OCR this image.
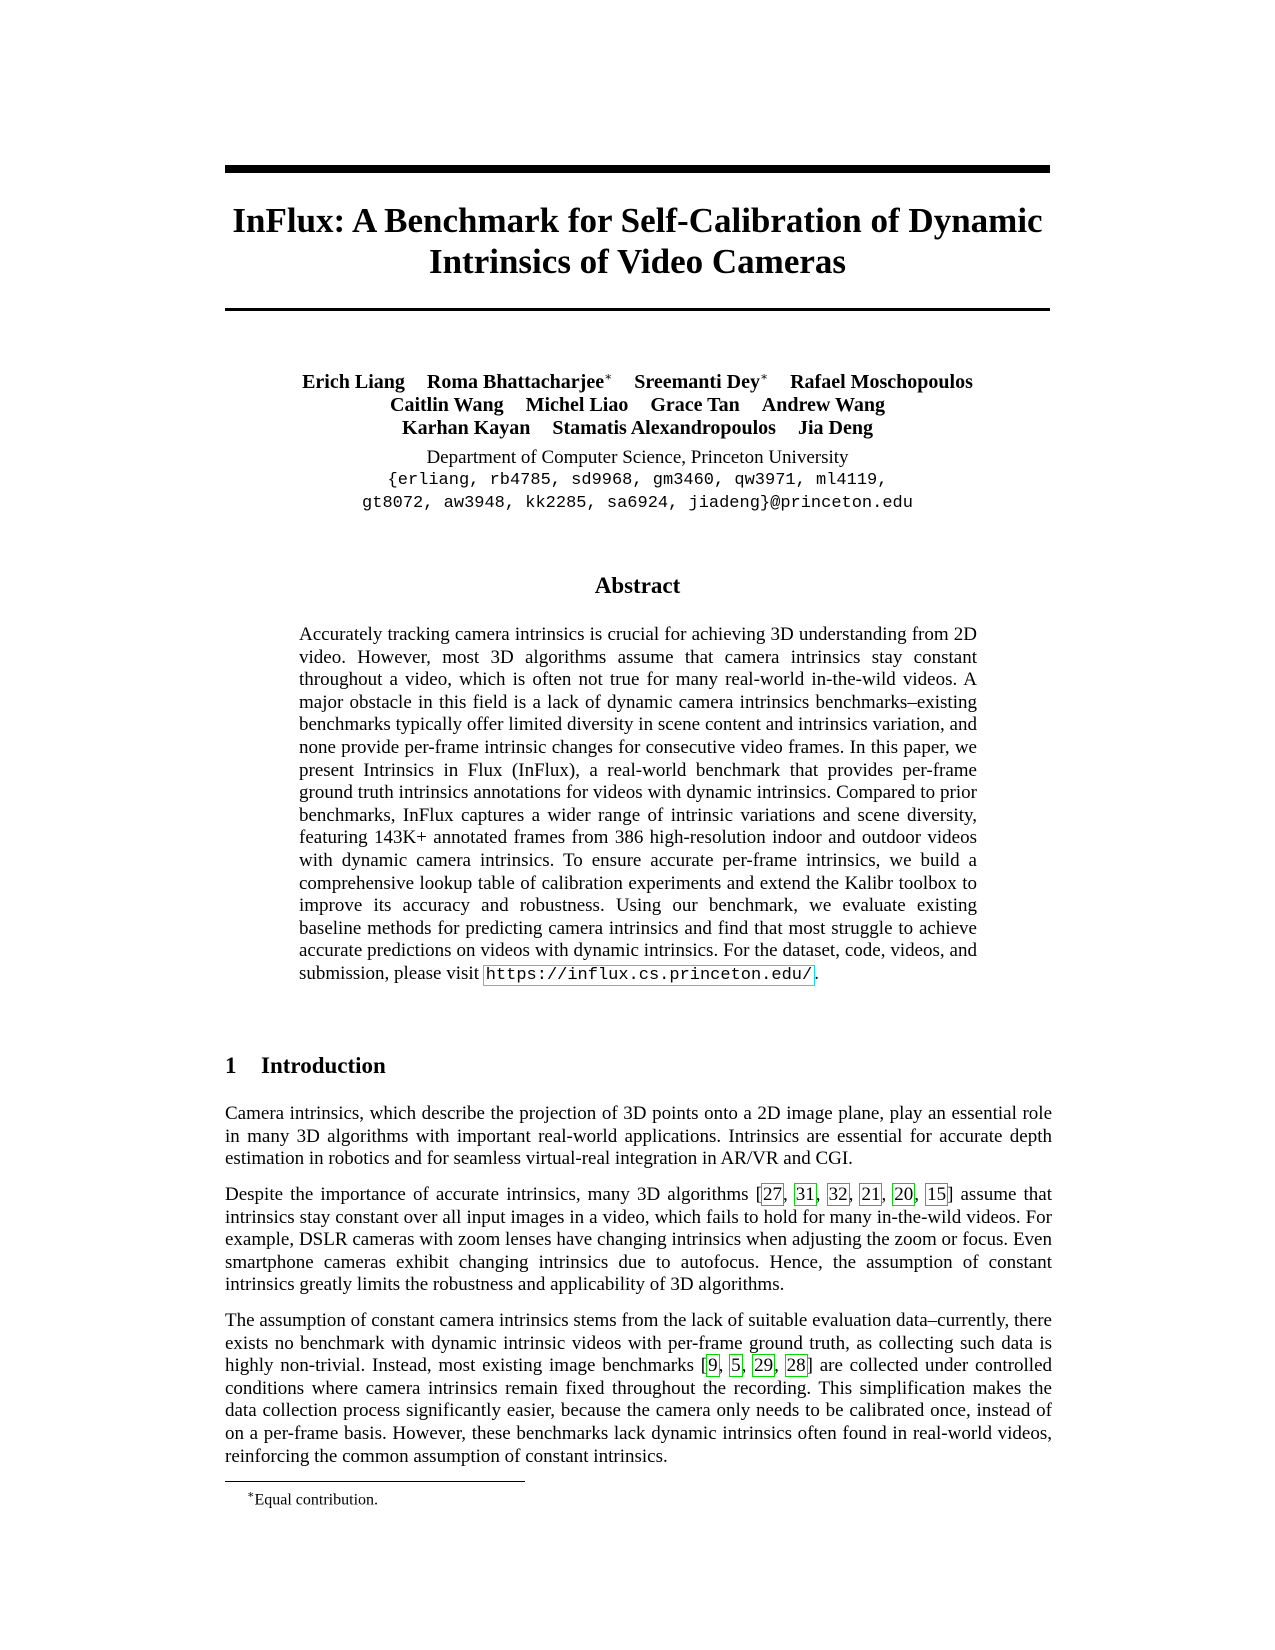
InFlux: A Benchmark for Self-Calibration of Dynamic
Intrinsics of Video Cameras
Erich Liang Roma Bhattacharjee∗ Sreemanti Dey∗ Rafael Moschopoulos
Caitlin Wang Michel Liao Grace Tan Andrew Wang
Karhan Kayan Stamatis Alexandropoulos Jia Deng
Department of Computer Science, Princeton University
{erliang, rb4785, sd9968, gm3460, qw3971, ml4119,
gt8072, aw3948, kk2285, sa6924, jiadeng}@princeton.edu
Abstract

Accurately tracking camera intrinsics is crucial for achieving 3D understanding from 2D video. However, most 3D algorithms assume that camera intrinsics stay constant throughout a video, which is often not true for many real-world in-the-wild videos. A major obstacle in this field is a lack of dynamic camera intrinsics benchmarks–existing benchmarks typically offer limited diversity in scene content and intrinsics variation, and none provide per-frame intrinsic changes for consecutive video frames. In this paper, we present Intrinsics in Flux (InFlux), a real-world benchmark that provides per-frame ground truth intrinsics annotations for videos with dynamic intrinsics. Compared to prior benchmarks, InFlux captures a wider range of intrinsic variations and scene diversity, featuring 143K+ annotated frames from 386 high-resolution indoor and outdoor videos with dynamic camera intrinsics. To ensure accurate per-frame intrinsics, we build a comprehensive lookup table of calibration experiments and extend the Kalibr toolbox to improve its accuracy and robustness. Using our benchmark, we evaluate existing baseline methods for predicting camera intrinsics and find that most struggle to achieve accurate predictions on videos with dynamic intrinsics. For the dataset, code, videos, and submission, please visit https://influx.cs.princeton.edu/ .

1 Introduction

Camera intrinsics, which describe the projection of 3D points onto a 2D image plane, play an essential role in many 3D algorithms with important real-world applications. Intrinsics are essential for accurate depth estimation in robotics and for seamless virtual-real integration in AR/VR and CGI.

Despite the importance of accurate intrinsics, many 3D algorithms [27, 31, 32, 21, 20, 15] assume that intrinsics stay constant over all input images in a video, which fails to hold for many in-the-wild videos. For example, DSLR cameras with zoom lenses have changing intrinsics when adjusting the zoom or focus. Even smartphone cameras exhibit changing intrinsics due to autofocus. Hence, the assumption of constant intrinsics greatly limits the robustness and applicability of 3D algorithms.

The assumption of constant camera intrinsics stems from the lack of suitable evaluation data–currently, there exists no benchmark with dynamic intrinsic videos with per-frame ground truth, as collecting such data is highly non-trivial. Instead, most existing image benchmarks [9, 5, 29, 28] are collected under controlled conditions where camera intrinsics remain fixed throughout the recording. This simplification makes the data collection process significantly easier, because the camera only needs to be calibrated once, instead of on a per-frame basis. However, these benchmarks lack dynamic intrinsics often found in real-world videos, reinforcing the common assumption of constant intrinsics.

∗Equal contribution.
